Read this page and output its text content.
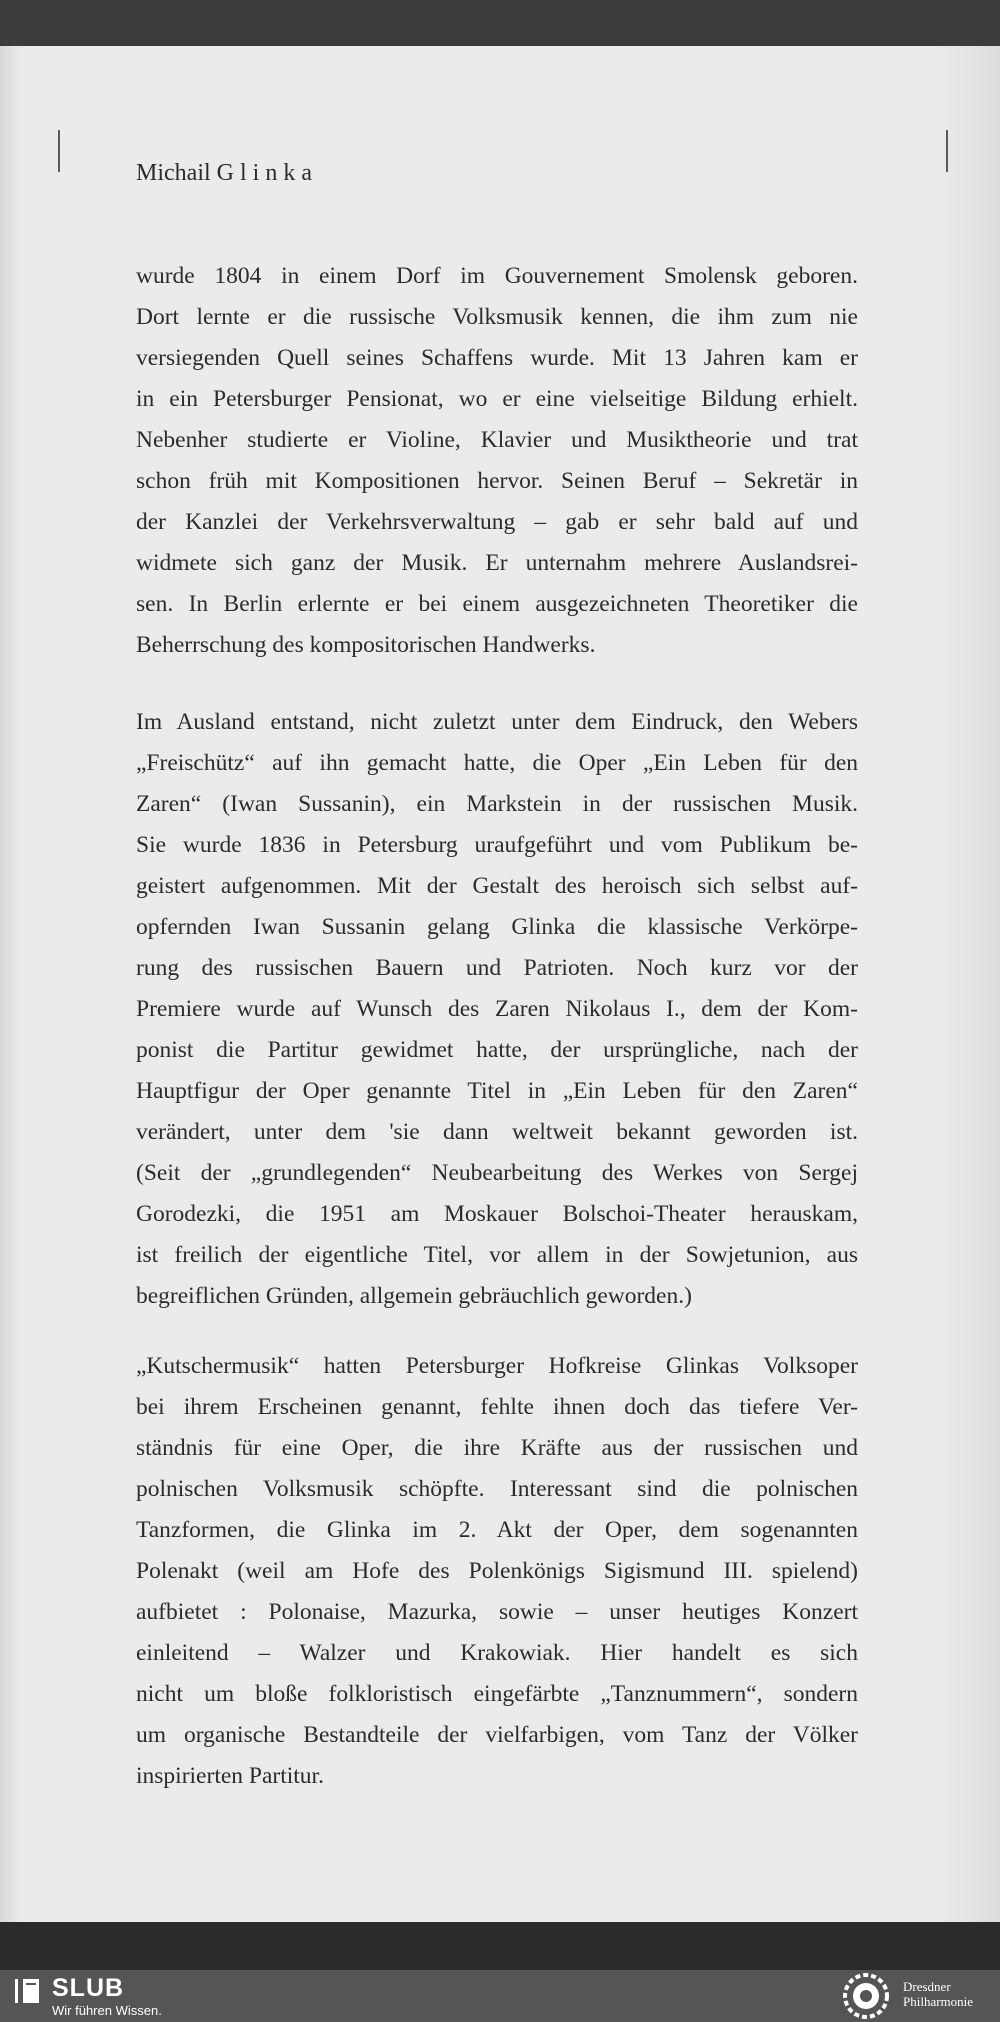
Michail Glinka
wurde 1804 in einem Dorf im Gouvernement Smolensk geboren.
Dort lernte er die russische Volksmusik kennen, die ihm zum nie
versiegenden Quell seines Schaffens wurde. Mit 13 Jahren kam er
in ein Petersburger Pensionat, wo er eine vielseitige Bildung erhielt.
Nebenher studierte er Violine, Klavier und Musiktheorie und trat
schon früh mit Kompositionen hervor. Seinen Beruf – Sekretär in
der Kanzlei der Verkehrsverwaltung – gab er sehr bald auf und
widmete sich ganz der Musik. Er unternahm mehrere Auslandsrei-
sen. In Berlin erlernte er bei einem ausgezeichneten Theoretiker die
Beherrschung des kompositorischen Handwerks.
Im Ausland entstand, nicht zuletzt unter dem Eindruck, den Webers
„Freischütz“ auf ihn gemacht hatte, die Oper „Ein Leben für den
Zaren“ (Iwan Sussanin), ein Markstein in der russischen Musik.
Sie wurde 1836 in Petersburg uraufgeführt und vom Publikum be-
geistert aufgenommen. Mit der Gestalt des heroisch sich selbst auf-
opfernden Iwan Sussanin gelang Glinka die klassische Verkörpe-
rung des russischen Bauern und Patrioten. Noch kurz vor der
Premiere wurde auf Wunsch des Zaren Nikolaus I., dem der Kom-
ponist die Partitur gewidmet hatte, der ursprüngliche, nach der
Hauptfigur der Oper genannte Titel in „Ein Leben für den Zaren“
verändert, unter dem 'sie dann weltweit bekannt geworden ist.
(Seit der „grundlegenden“ Neubearbeitung des Werkes von Sergej
Gorodezki, die 1951 am Moskauer Bolschoi-Theater herauskam,
ist freilich der eigentliche Titel, vor allem in der Sowjetunion, aus
begreiflichen Gründen, allgemein gebräuchlich geworden.)
„Kutschermusik“ hatten Petersburger Hofkreise Glinkas Volksoper
bei ihrem Erscheinen genannt, fehlte ihnen doch das tiefere Ver-
ständnis für eine Oper, die ihre Kräfte aus der russischen und
polnischen Volksmusik schöpfte. Interessant sind die polnischen
Tanzformen, die Glinka im 2. Akt der Oper, dem sogenannten
Polenakt (weil am Hofe des Polenkönigs Sigismund III. spielend)
aufbietet : Polonaise, Mazurka, sowie – unser heutiges Konzert
einleitend – Walzer und Krakowiak. Hier handelt es sich
nicht um bloße folkloristisch eingefärbte „Tanznummern“, sondern
um organische Bestandteile der vielfarbigen, vom Tanz der Völker
inspirierten Partitur.
SLUB
Wir führen Wissen.
Dresdner
Philharmonie
